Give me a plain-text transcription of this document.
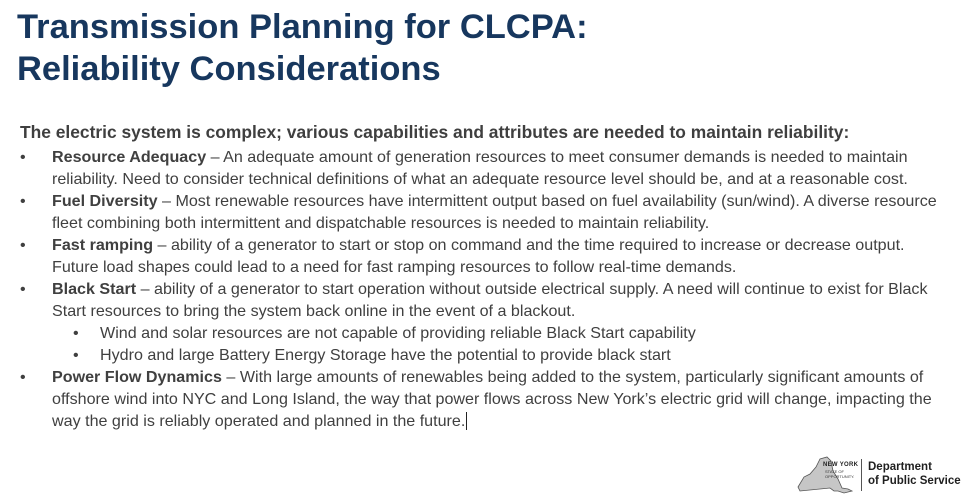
Transmission Planning for CLCPA:
Reliability Considerations
The electric system is complex; various capabilities and attributes are needed to maintain reliability:
• Resource Adequacy – An adequate amount of generation resources to meet consumer demands is needed to maintain reliability. Need to consider technical definitions of what an adequate resource level should be, and at a reasonable cost.
• Fuel Diversity – Most renewable resources have intermittent output based on fuel availability (sun/wind). A diverse resource fleet combining both intermittent and dispatchable resources is needed to maintain reliability.
• Fast ramping – ability of a generator to start or stop on command and the time required to increase or decrease output. Future load shapes could lead to a need for fast ramping resources to follow real-time demands.
• Black Start – ability of a generator to start operation without outside electrical supply. A need will continue to exist for Black Start resources to bring the system back online in the event of a blackout.
• Wind and solar resources are not capable of providing reliable Black Start capability
• Hydro and large Battery Energy Storage have the potential to provide black start
• Power Flow Dynamics – With large amounts of renewables being added to the system, particularly significant amounts of offshore wind into NYC and Long Island, the way that power flows across New York’s electric grid will change, impacting the way the grid is reliably operated and planned in the future.
NEW YORK
STATE OF OPPORTUNITY.
Department
of Public Service
